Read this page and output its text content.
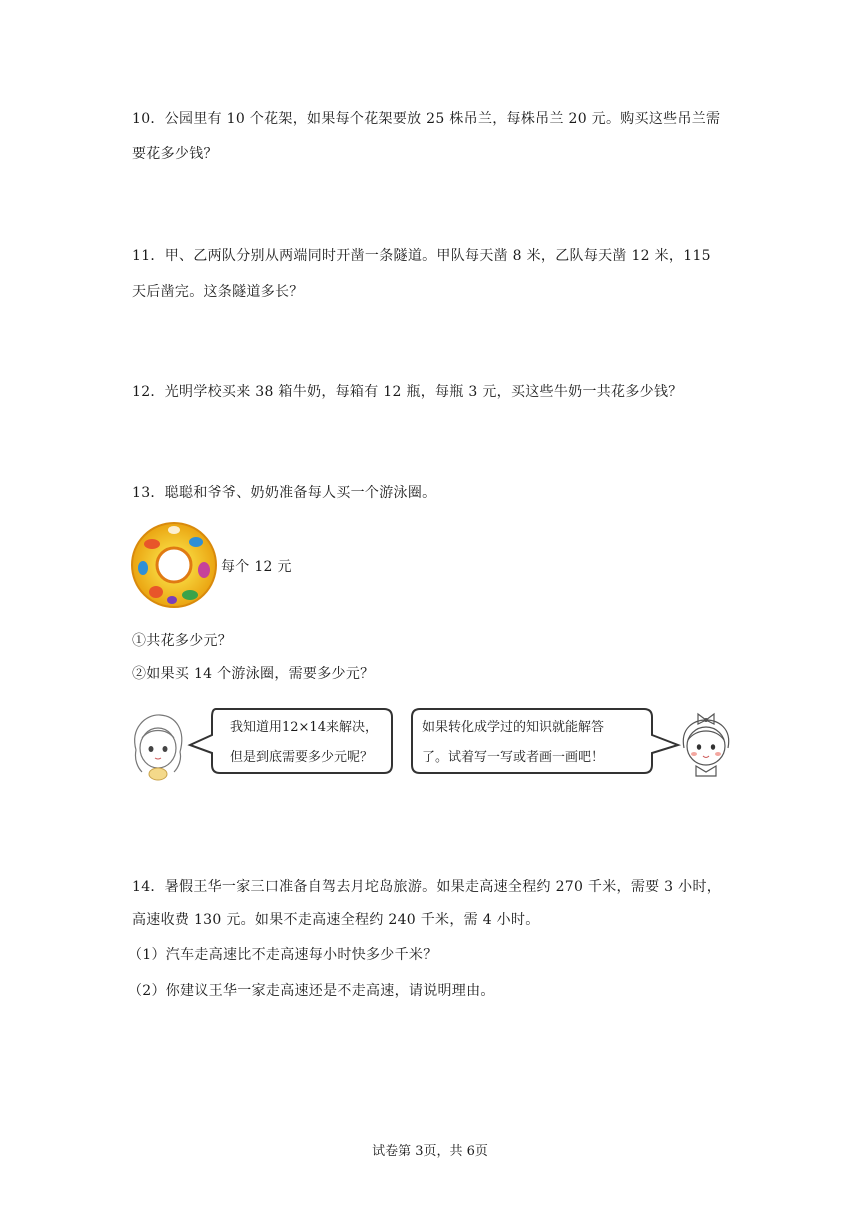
10．公园里有 10 个花架，如果每个花架要放 25 株吊兰，每株吊兰 20 元。购买这些吊兰需
要花多少钱？
11．甲、乙两队分别从两端同时开凿一条隧道。甲队每天凿 8 米，乙队每天凿 12 米，115
天后凿完。这条隧道多长？
12．光明学校买来 38 箱牛奶，每箱有 12 瓶，每瓶 3 元，买这些牛奶一共花多少钱？
13．聪聪和爷爷、奶奶准备每人买一个游泳圈。
每个 12 元
①共花多少元？
②如果买 14 个游泳圈，需要多少元？
我知道用12×14来解决，
但是到底需要多少元呢？
如果转化成学过的知识就能解答
了。试着写一写或者画一画吧！
14．暑假王华一家三口准备自驾去月坨岛旅游。如果走高速全程约 270 千米，需要 3 小时，
高速收费 130 元。如果不走高速全程约 240 千米，需 4 小时。
（1）汽车走高速比不走高速每小时快多少千米？
（2）你建议王华一家走高速还是不走高速，请说明理由。
试卷第 3页，共 6页
